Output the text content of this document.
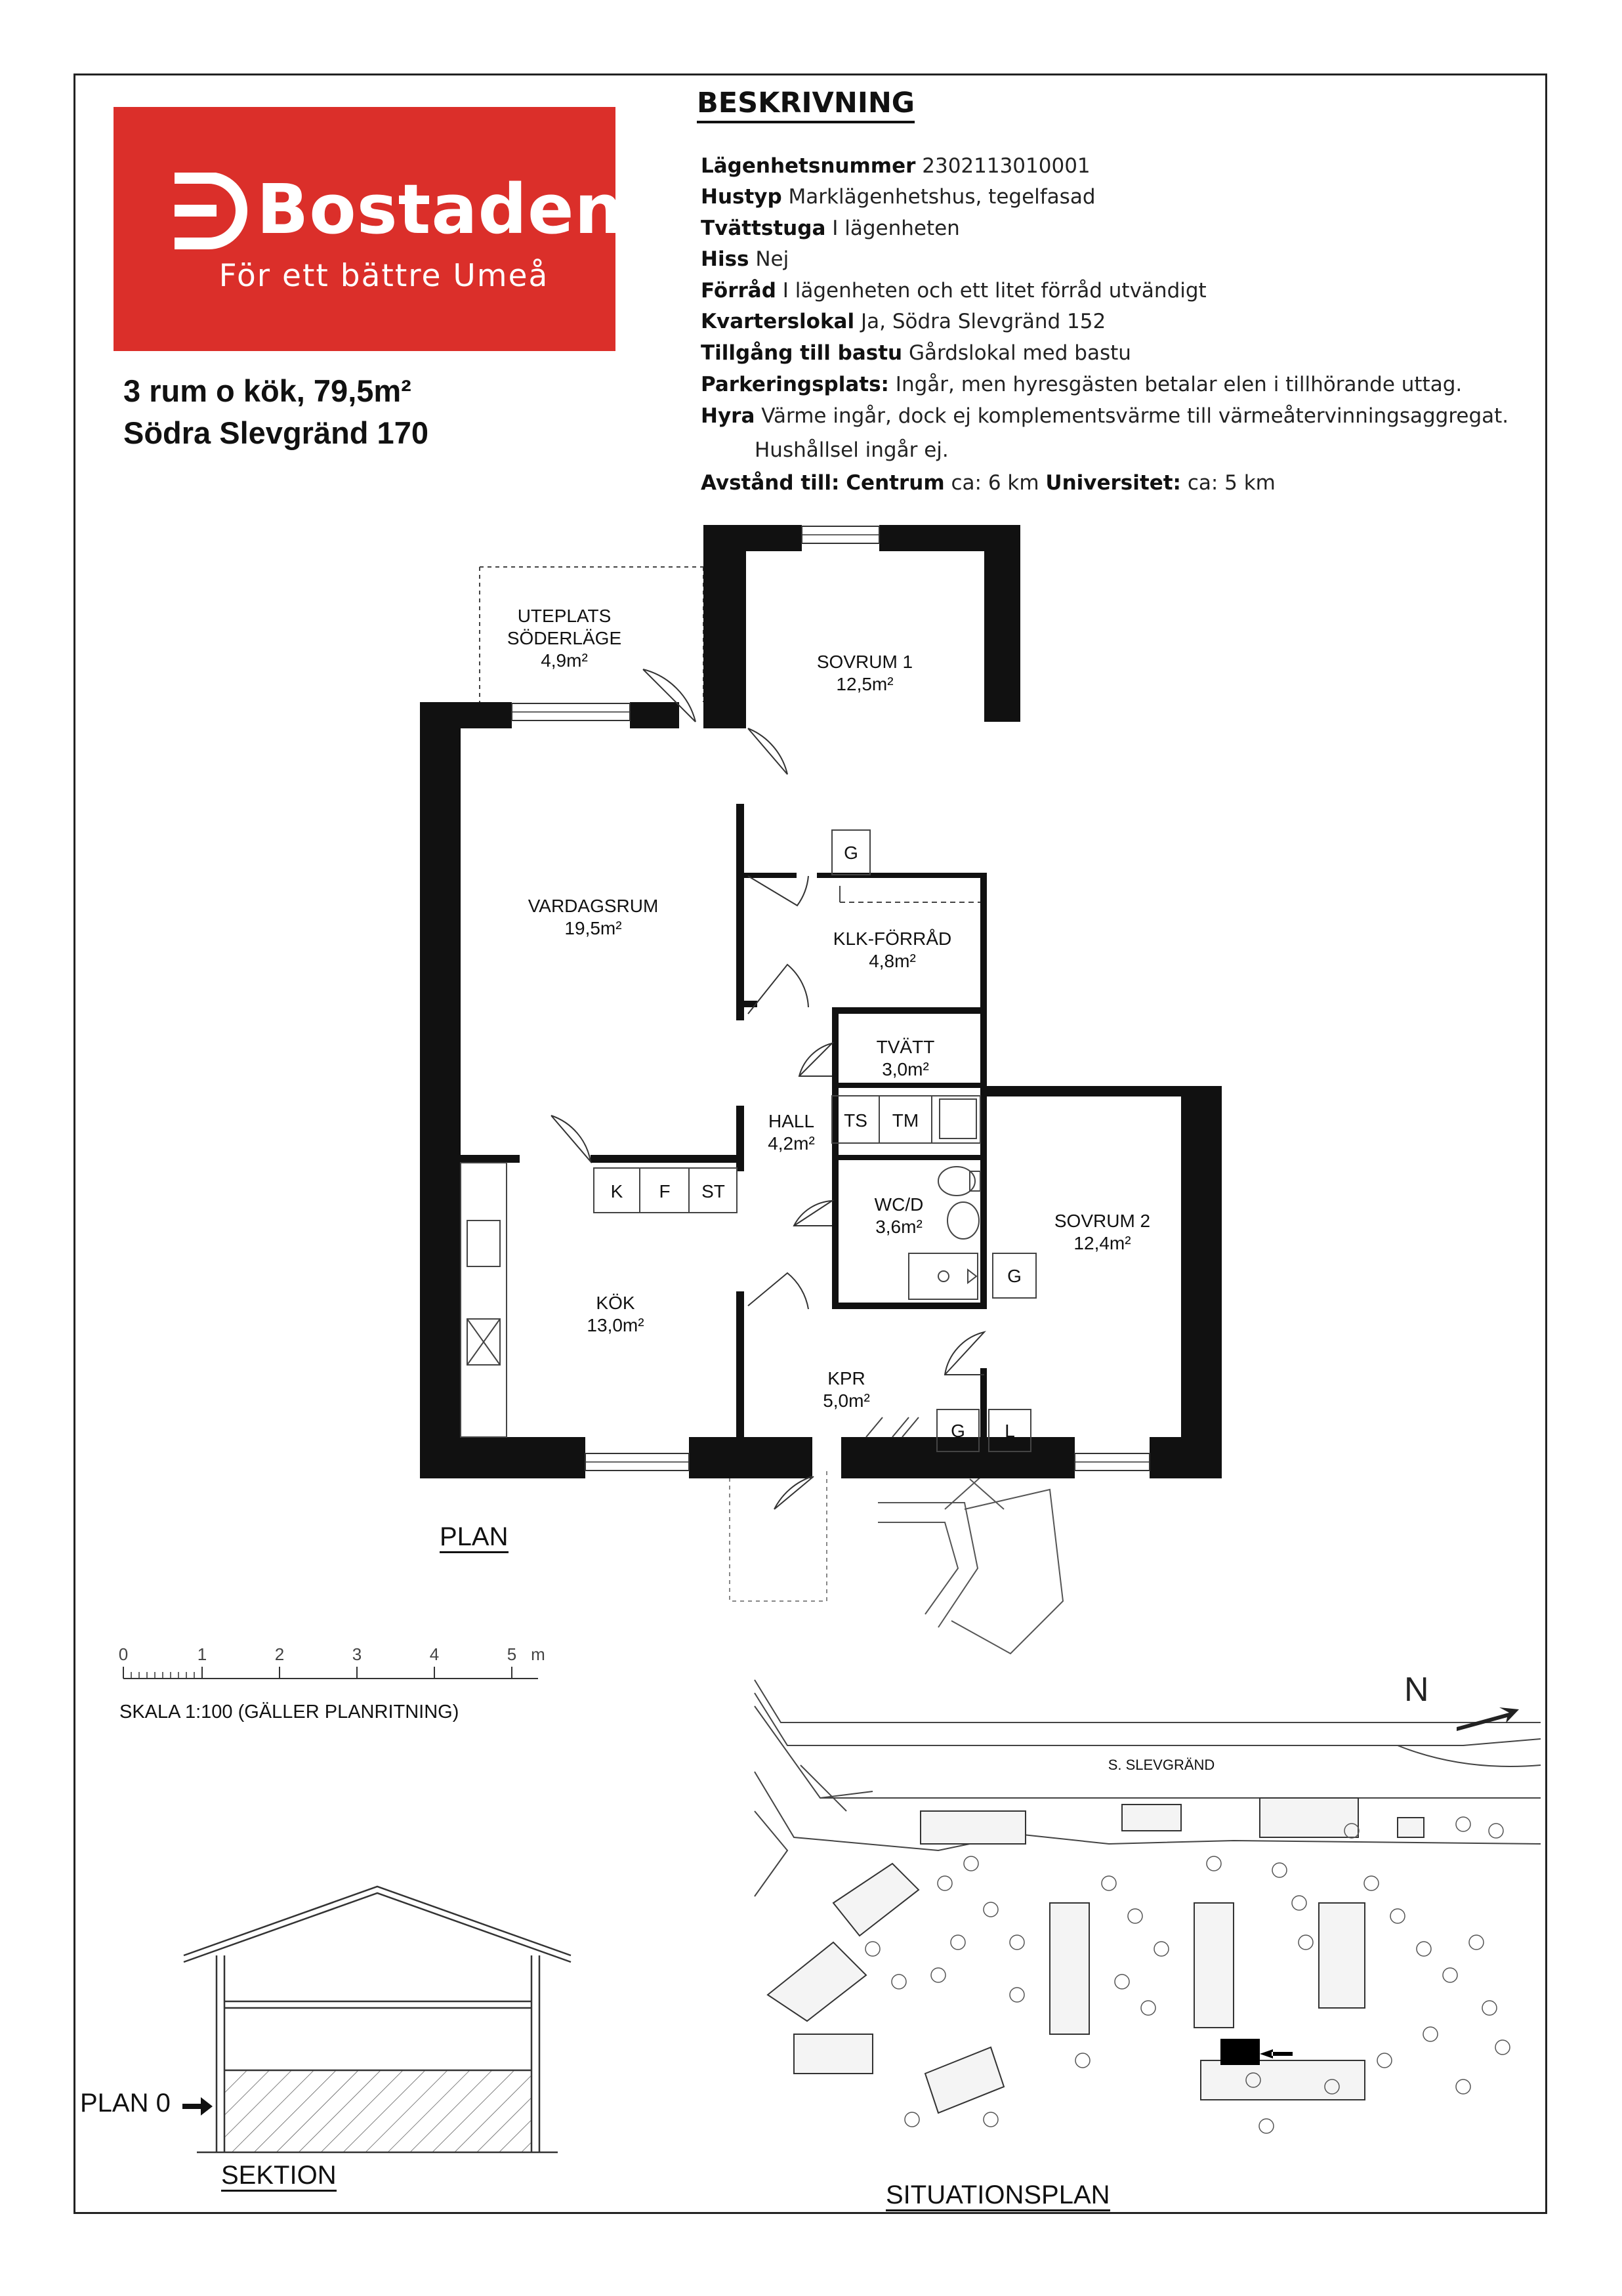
Bostaden
För ett bättre Umeå
3 rum o kök, 79,5m²
Södra Slevgränd 170
BESKRIVNING
Lägenhetsnummer 2302113010001
Hustyp Marklägenhetshus, tegelfasad
Tvättstuga I lägenheten
Hiss Nej
Förråd I lägenheten och ett litet förråd utvändigt
Kvarterslokal Ja, Södra Slevgränd 152
Tillgång till bastu Gårdslokal med bastu
Parkeringsplats: Ingår, men hyresgästen betalar elen i tillhörande uttag.
Hyra Värme ingår, dock ej komplementsvärme till värmeåtervinningsaggregat.
Hushållsel ingår ej.
Avstånd till: Centrum ca: 6 km Universitet: ca: 5 km
UTEPLATS
SÖDERLÄGE
4,9m²	SOVRUM 1
12,5m²
VARDAGSRUM
19,5m²
KLK-FÖRRÅD
4,8m²
TVÄTT
3,0m²
HALL
4,2m²
WC/D
3,6m²	SOVRUM 2
12,4m²
KÖK
13,0m²
KPR
5,0m²
G
K F ST
TS TM
G
G L
PLAN
0	1	2	3	4	5 m
SKALA 1:100 (GÄLLER PLANRITNING)
PLAN 0
SEKTION
S. SLEVGRÄND
N
SITUATIONSPLAN
